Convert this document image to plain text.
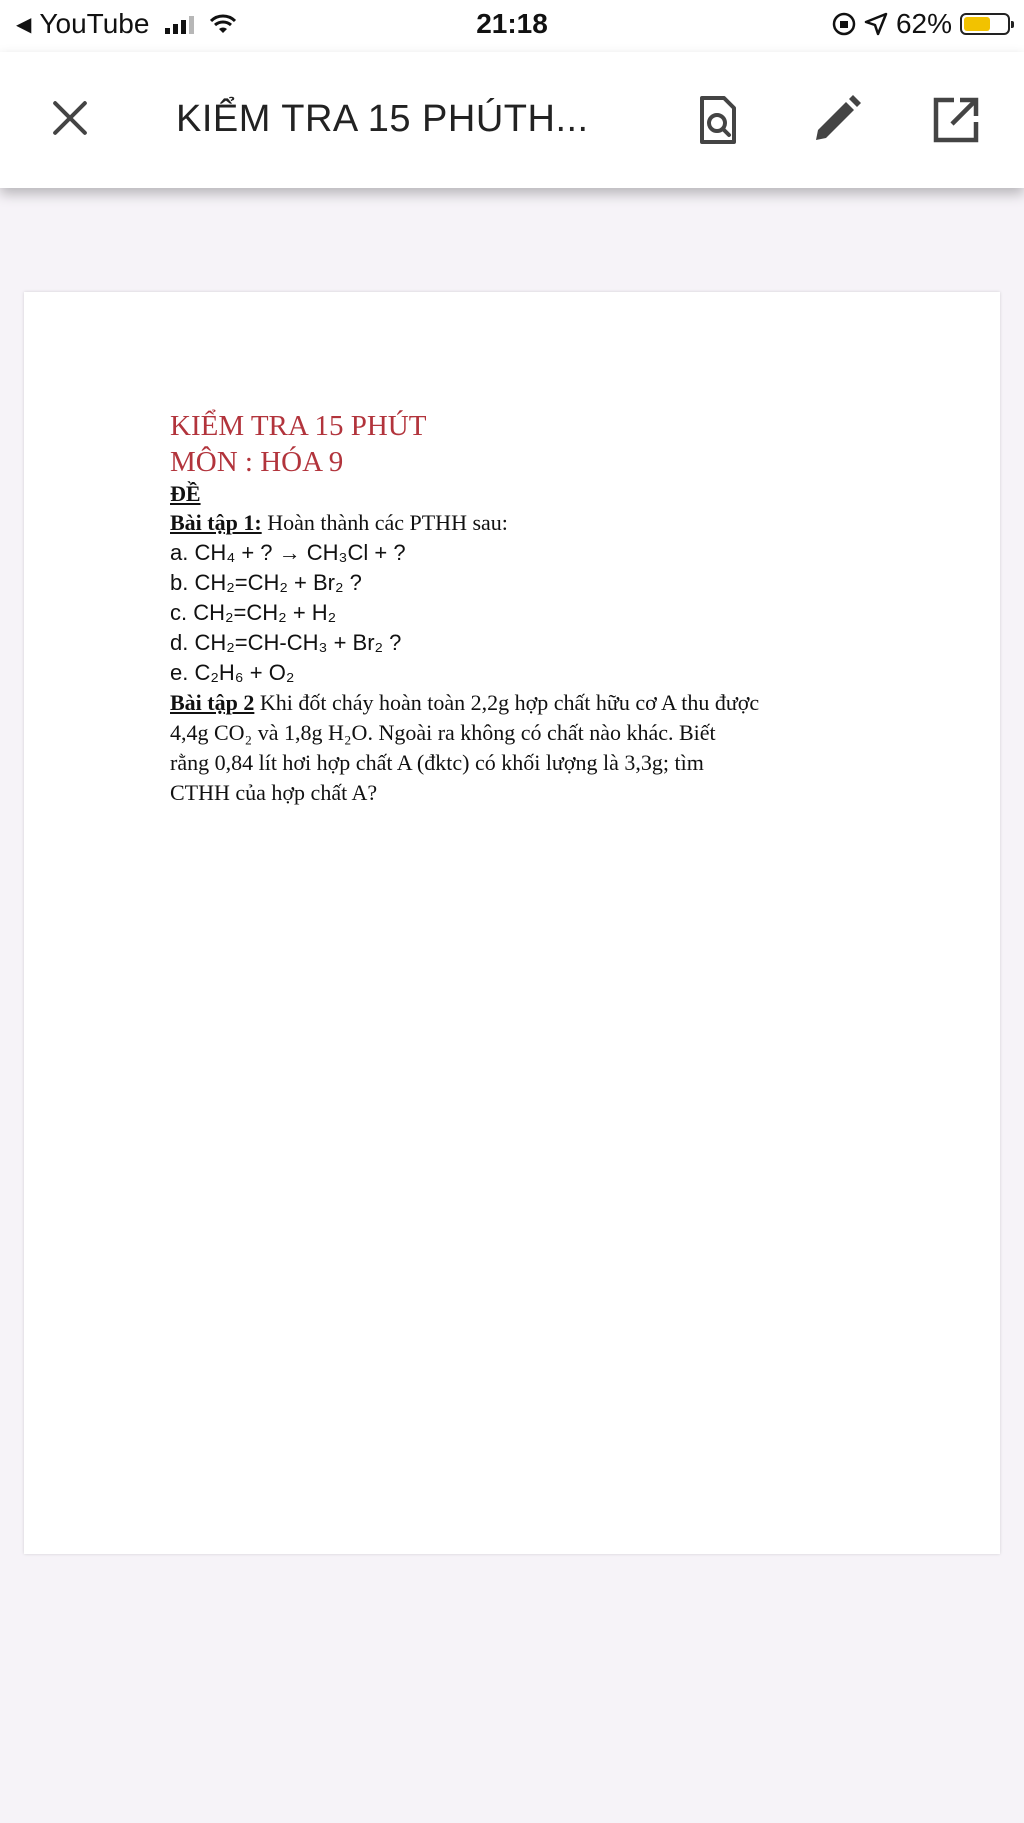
◀ YouTube	21:18	62%
KIỂM TRA 15 PHÚTH...
KIỂM TRA 15 PHÚT
MÔN : HÓA 9
ĐỀ
Bài tập 1: Hoàn thành các PTHH sau:
a. CH₄ + ? → CH₃Cl + ?
b. CH₂=CH₂ + Br₂ ?
c. CH₂=CH₂ + H₂
d. CH₂=CH-CH₃ + Br₂ ?
e. C₂H₆ + O₂
Bài tập 2 Khi đốt cháy hoàn toàn 2,2g hợp chất hữu cơ A thu được
4,4g CO₂ và 1,8g H₂O. Ngoài ra không có chất nào khác. Biết
rằng 0,84 lít hơi hợp chất A (đktc) có khối lượng là 3,3g; tìm
CTHH của hợp chất A?
